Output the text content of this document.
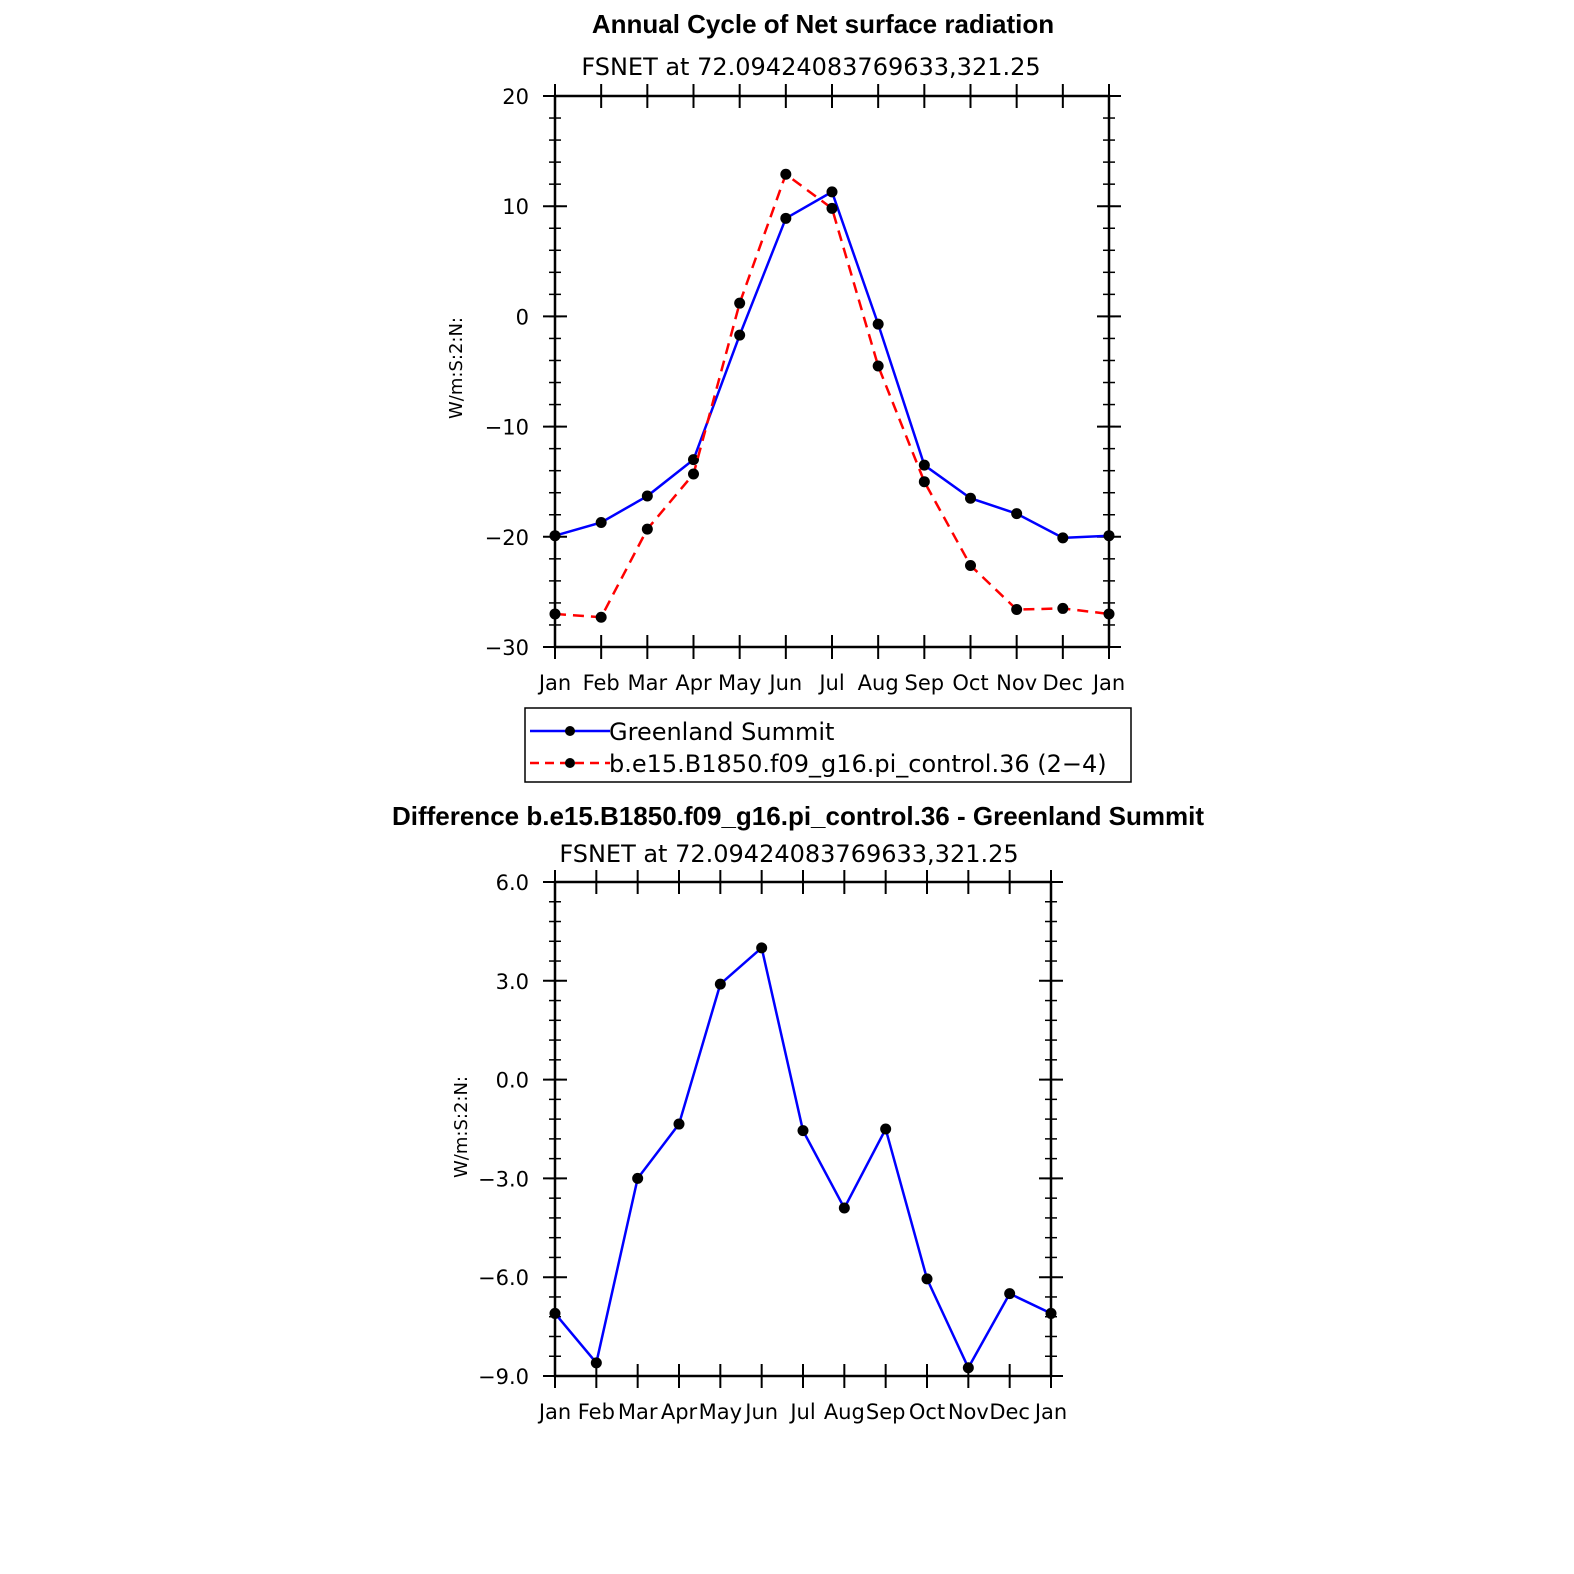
Annual Cycle of Net surface radiation
FSNET at 72.09424083769633,321.25
W/m:S:2:N:
20
10
0
−10
−20
−30
Jan Feb Mar Apr May Jun Jul Aug Sep Oct Nov Dec Jan
Greenland Summit
b.e15.B1850.f09_g16.pi_control.36 (2−4)
Difference b.e15.B1850.f09_g16.pi_control.36 - Greenland Summit
FSNET at 72.09424083769633,321.25
W/m:S:2:N:
6.0
3.0
0.0
−3.0
−6.0
−9.0
Jan Feb Mar Apr May Jun Jul Aug Sep Oct Nov Dec Jan
